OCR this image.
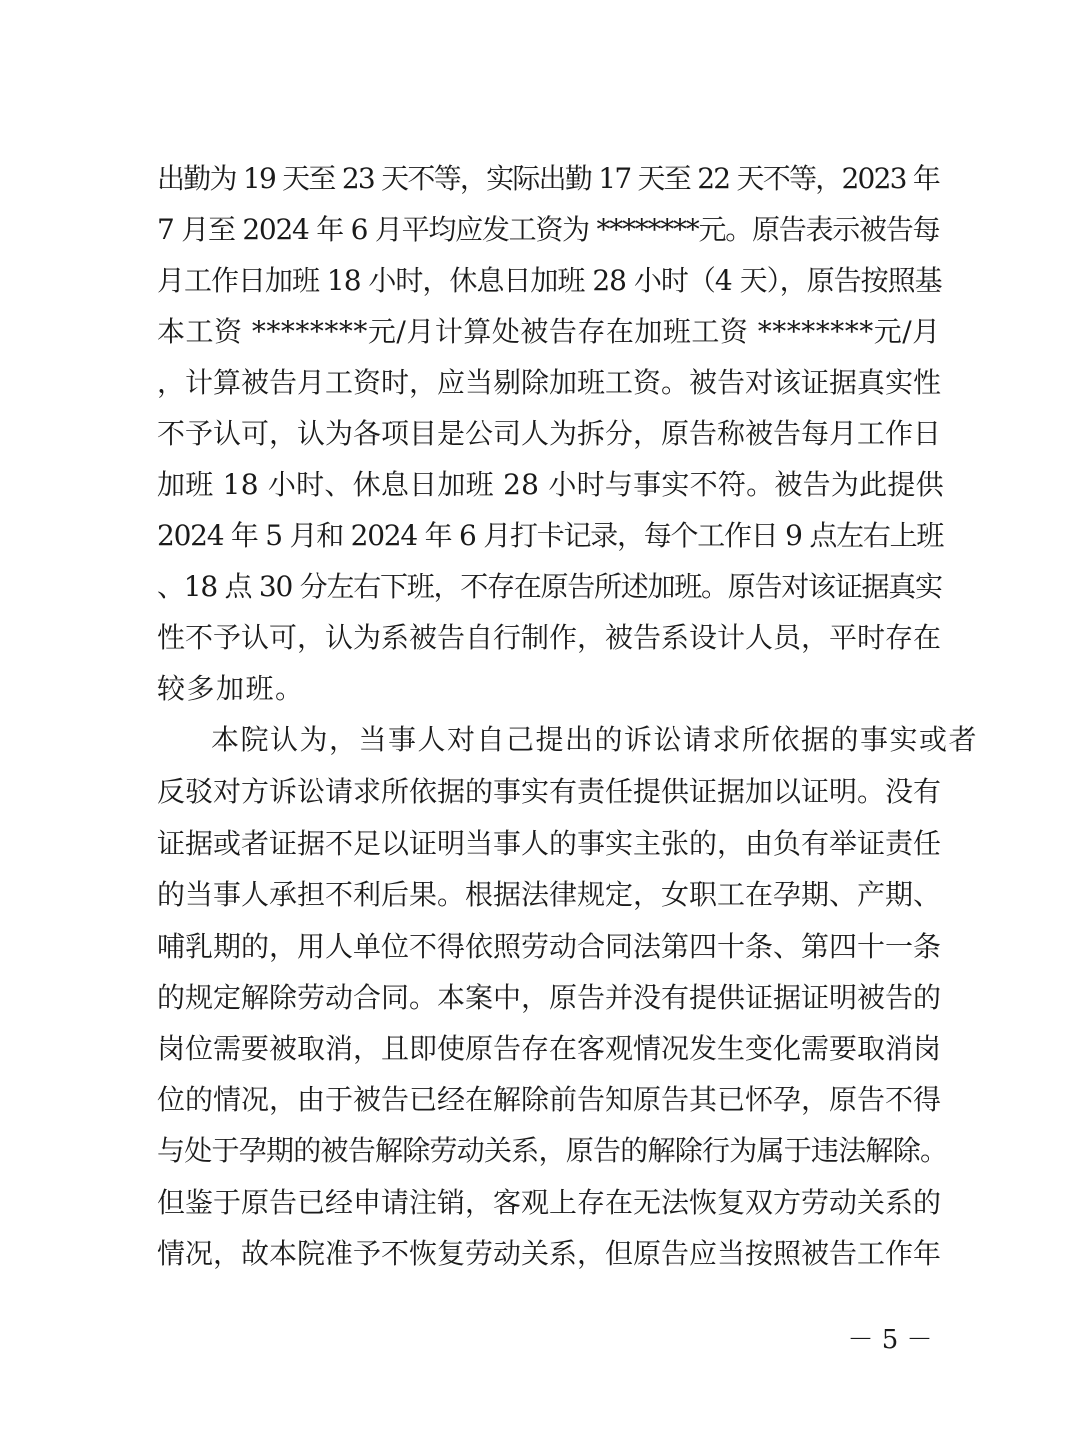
出勤为 19 天至 23 天不等，实际出勤 17 天至 22 天不等，2023 年
7 月至 2024 年 6 月平均应发工资为 ********元。原告表示被告每
月工作日加班 18 小时，休息日加班 28 小时（4 天），原告按照基
本工资 ********元/月计算处被告存在加班工资 ********元/月
，计算被告月工资时，应当剔除加班工资。被告对该证据真实性
不予认可，认为各项目是公司人为拆分，原告称被告每月工作日
加班 18 小时、休息日加班 28 小时与事实不符。被告为此提供
2024 年 5 月和 2024 年 6 月打卡记录，每个工作日 9 点左右上班
、18 点 30 分左右下班，不存在原告所述加班。原告对该证据真实
性不予认可，认为系被告自行制作，被告系设计人员，平时存在
较多加班。
本院认为，当事人对自己提出的诉讼请求所依据的事实或者
反驳对方诉讼请求所依据的事实有责任提供证据加以证明。没有
证据或者证据不足以证明当事人的事实主张的，由负有举证责任
的当事人承担不利后果。根据法律规定，女职工在孕期、产期、
哺乳期的，用人单位不得依照劳动合同法第四十条、第四十一条
的规定解除劳动合同。本案中，原告并没有提供证据证明被告的
岗位需要被取消，且即使原告存在客观情况发生变化需要取消岗
位的情况，由于被告已经在解除前告知原告其已怀孕，原告不得
与处于孕期的被告解除劳动关系，原告的解除行为属于违法解除。
但鉴于原告已经申请注销，客观上存在无法恢复双方劳动关系的
情况，故本院准予不恢复劳动关系，但原告应当按照被告工作年
－ 5 －
